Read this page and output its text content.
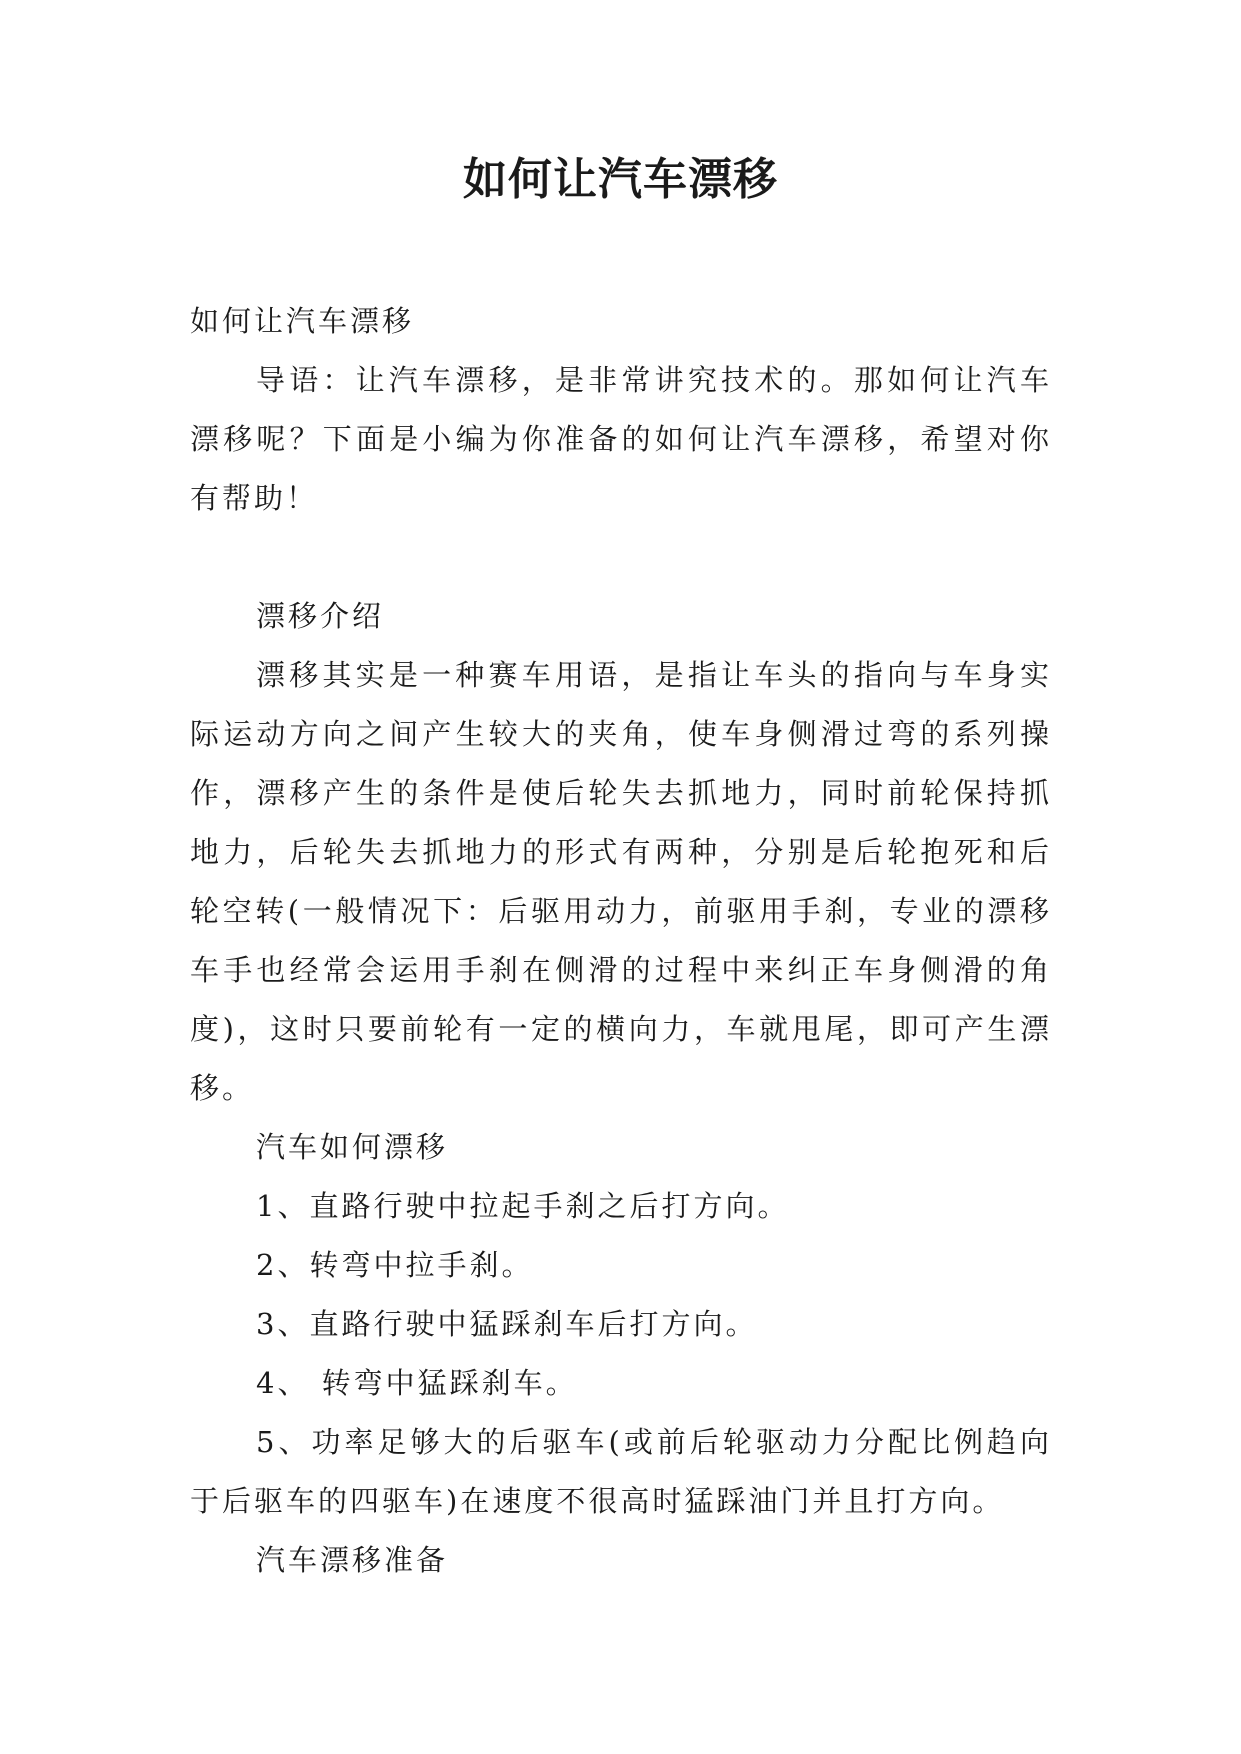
如何让汽车漂移

如何让汽车漂移

导语：让汽车漂移，是非常讲究技术的。那如何让汽车漂移呢？下面是小编为你准备的如何让汽车漂移，希望对你有帮助！

漂移介绍

漂移其实是一种赛车用语，是指让车头的指向与车身实际运动方向之间产生较大的夹角，使车身侧滑过弯的系列操作，漂移产生的条件是使后轮失去抓地力，同时前轮保持抓地力，后轮失去抓地力的形式有两种，分别是后轮抱死和后轮空转(一般情况下：后驱用动力，前驱用手刹，专业的漂移车手也经常会运用手刹在侧滑的过程中来纠正车身侧滑的角度)，这时只要前轮有一定的横向力，车就甩尾，即可产生漂移。

汽车如何漂移

1、直路行驶中拉起手刹之后打方向。

2、转弯中拉手刹。

3、直路行驶中猛踩刹车后打方向。

4、 转弯中猛踩刹车。

5、功率足够大的后驱车(或前后轮驱动力分配比例趋向于后驱车的四驱车)在速度不很高时猛踩油门并且打方向。

汽车漂移准备
